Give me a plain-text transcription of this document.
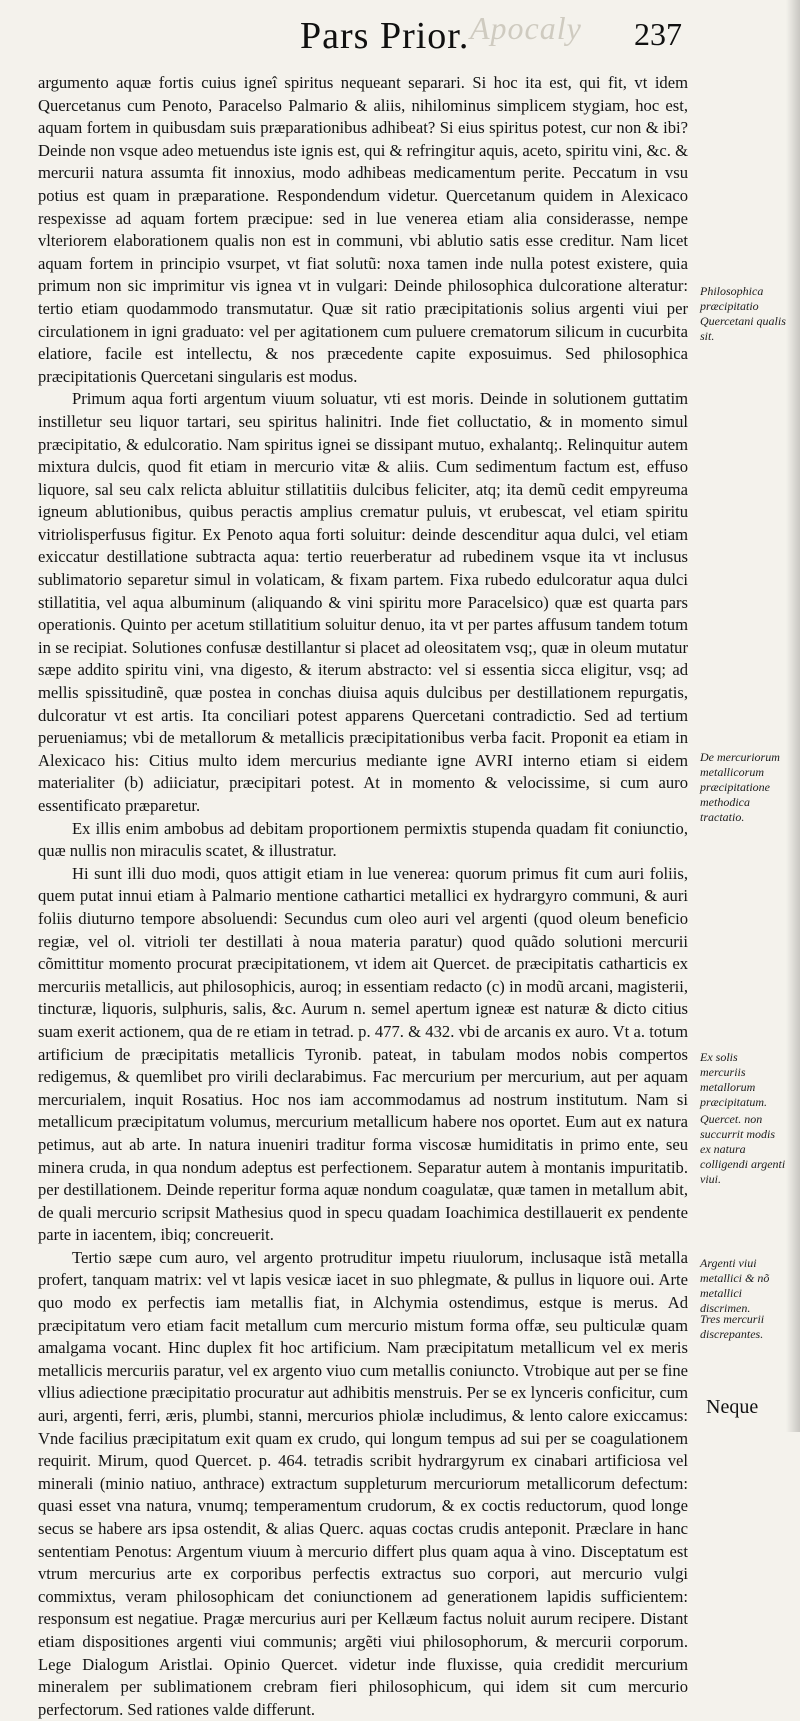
Apocaly
Pars Prior.	237

argumento aquæ fortis cuius igneî spiritus nequeant separari. Si hoc ita est, qui fit, vt idem Quercetanus cum Penoto, Paracelso Palmario & aliis, nihilominus simplicem stygiam, hoc est, aquam fortem in quibusdam suis præparationibus adhibeat? Si eius spiritus potest, cur non & ibi? Deinde non vsque adeo metuendus iste ignis est, qui & refringitur aquis, aceto, spiritu vini, &c. & mercurii natura assumta fit innoxius, modo adhibeas medicamentum perite. Peccatum in vsu potius est quam in præparatione. Respondendum videtur. Quercetanum quidem in Alexicaco respexisse ad aquam fortem præcipue: sed in lue venerea etiam alia considerasse, nempe vlteriorem elaborationem qualis non est in communi, vbi ablutio satis esse creditur. Nam licet aquam fortem in principio vsurpet, vt fiat solutũ: noxa tamen inde nulla potest existere, quia primum non sic imprimitur vis ignea vt in vulgari: Deinde philosophica dulcoratione alteratur: tertio etiam quodammodo transmutatur. Quæ sit ratio præcipitationis solius argenti viui per circulationem in igni graduato: vel per agitationem cum puluere crematorum silicum in cucurbita elatiore, facile est intellectu, & nos præcedente capite exposuimus. Sed philosophica præcipitationis Quercetani singularis est modus.

Primum aqua forti argentum viuum soluatur, vti est moris. Deinde in solutionem guttatim instilletur seu liquor tartari, seu spiritus halinitri. Inde fiet colluctatio, & in momento simul præcipitatio, & edulcoratio. Nam spiritus ignei se dissipant mutuo, exhalantq;. Relinquitur autem mixtura dulcis, quod fit etiam in mercurio vitæ & aliis. Cum sedimentum factum est, effuso liquore, sal seu calx relicta abluitur stillatitiis dulcibus feliciter, atq; ita demũ cedit empyreuma igneum ablutionibus, quibus peractis amplius crematur puluis, vt erubescat, vel etiam spiritu vitriolisperfusus figitur. Ex Penoto aqua forti soluitur: deinde descenditur aqua dulci, vel etiam exiccatur destillatione subtracta aqua: tertio reuerberatur ad rubedinem vsque ita vt inclusus sublimatorio separetur simul in volaticam, & fixam partem. Fixa rubedo edulcoratur aqua dulci stillatitia, vel aqua albuminum (aliquando & vini spiritu more Paracelsico) quæ est quarta pars operationis. Quinto per acetum stillatitium soluitur denuo, ita vt per partes affusum tandem totum in se recipiat. Solutiones confusæ destillantur si placet ad oleositatem vsq;, quæ in oleum mutatur sæpe addito spiritu vini, vna digesto, & iterum abstracto: vel si essentia sicca eligitur, vsq; ad mellis spissitudinẽ, quæ postea in conchas diuisa aquis dulcibus per destillationem repurgatis, dulcoratur vt est artis. Ita conciliari potest apparens Quercetani contradictio. Sed ad tertium perueniamus; vbi de metallorum & metallicis præcipitationibus verba facit. Proponit ea etiam in Alexicaco his: Citius multo idem mercurius mediante igne AVRI interno etiam si eidem materialiter (b) adiiciatur, præcipitari potest. At in momento & velocissime, si cum auro essentificato præparetur.

Ex illis enim ambobus ad debitam proportionem permixtis stupenda quadam fit coniunctio, quæ nullis non miraculis scatet, & illustratur.

Hi sunt illi duo modi, quos attigit etiam in lue venerea: quorum primus fit cum auri foliis, quem putat innui etiam à Palmario mentione cathartici metallici ex hydrargyro communi, & auri foliis diuturno tempore absoluendi: Secundus cum oleo auri vel argenti (quod oleum beneficio regiæ, vel ol. vitrioli ter destillati à noua materia paratur) quod quãdo solutioni mercurii cõmittitur momento procurat præcipitationem, vt idem ait Quercet. de præcipitatis catharticis ex mercuriis metallicis, aut philosophicis, auroq; in essentiam redacto (c) in modũ arcani, magisterii, tincturæ, liquoris, sulphuris, salis, &c. Aurum n. semel apertum igneæ est naturæ & dicto citius suam exerit actionem, qua de re etiam in tetrad. p. 477. & 432. vbi de arcanis ex auro. Vt a. totum artificium de præcipitatis metallicis Tyronib. pateat, in tabulam modos nobis compertos redigemus, & quemlibet pro virili declarabimus. Fac mercurium per mercurium, aut per aquam mercurialem, inquit Rosatius. Hoc nos iam accommodamus ad nostrum institutum. Nam si metallicum præcipitatum volumus, mercurium metallicum habere nos oportet. Eum aut ex natura petimus, aut ab arte. In natura inueniri traditur forma viscosæ humiditatis in primo ente, seu minera cruda, in qua nondum adeptus est perfectionem. Separatur autem à montanis impuritatib. per destillationem. Deinde reperitur forma aquæ nondum coagulatæ, quæ tamen in metallum abit, de quali mercurio scripsit Mathesius quod in specu quadam Ioachimica destillauerit ex pendente parte in iacentem, ibiq; concreuerit.

Tertio sæpe cum auro, vel argento protruditur impetu riuulorum, inclusaque istã metalla profert, tanquam matrix: vel vt lapis vesicæ iacet in suo phlegmate, & pullus in liquore oui. Arte quo modo ex perfectis iam metallis fiat, in Alchymia ostendimus, estque is merus. Ad præcipitatum vero etiam facit metallum cum mercurio mistum forma offæ, seu pulticulæ quam amalgama vocant. Hinc duplex fit hoc artificium. Nam præcipitatum metallicum vel ex meris metallicis mercuriis paratur, vel ex argento viuo cum metallis coniuncto. Vtrobique aut per se fine vllius adiectione præcipitatio procuratur aut adhibitis menstruis. Per se ex lynceris conficitur, cum auri, argenti, ferri, æris, plumbi, stanni, mercurios phiolæ includimus, & lento calore exiccamus: Vnde facilius præcipitatum exit quam ex crudo, qui longum tempus ad sui per se coagulationem requirit. Mirum, quod Quercet. p. 464. tetradis scribit hydrargyrum ex cinabari artificiosa vel minerali (minio natiuo, anthrace) extractum suppleturum mercuriorum metallicorum defectum: quasi esset vna natura, vnumq; temperamentum crudorum, & ex coctis reductorum, quod longe secus se habere ars ipsa ostendit, & alias Querc. aquas coctas crudis anteponit. Præclare in hanc sententiam Penotus: Argentum viuum à mercurio differt plus quam aqua à vino. Disceptatum est vtrum mercurius arte ex corporibus perfectis extractus suo corpori, aut mercurio vulgi commixtus, veram philosophicam det coniunctionem ad generationem lapidis sufficientem: responsum est negatiue. Pragæ mercurius auri per Kellæum factus noluit aurum recipere. Distant etiam dispositiones argenti viui communis; argẽti viui philosophorum, & mercurii corporum. Lege Dialogum Aristlai. Opinio Quercet. videtur inde fluxisse, quia credidit mercurium mineralem per sublimationem crebram fieri philosophicum, qui idem sit cum mercurio perfectorum. Sed rationes valde differunt.

Philosophica præcipitatio Quercetani qualis sit.
De mercuriorum metallicorum præcipitatione methodica tractatio.
Ex solis mercuriis metallorum præcipitatum.
Quercet. non succurrit modis ex natura colligendi argenti viui.
Argenti viui metallici & nõ metallici discrimen.
Tres mercurii discrepantes.
Neque
